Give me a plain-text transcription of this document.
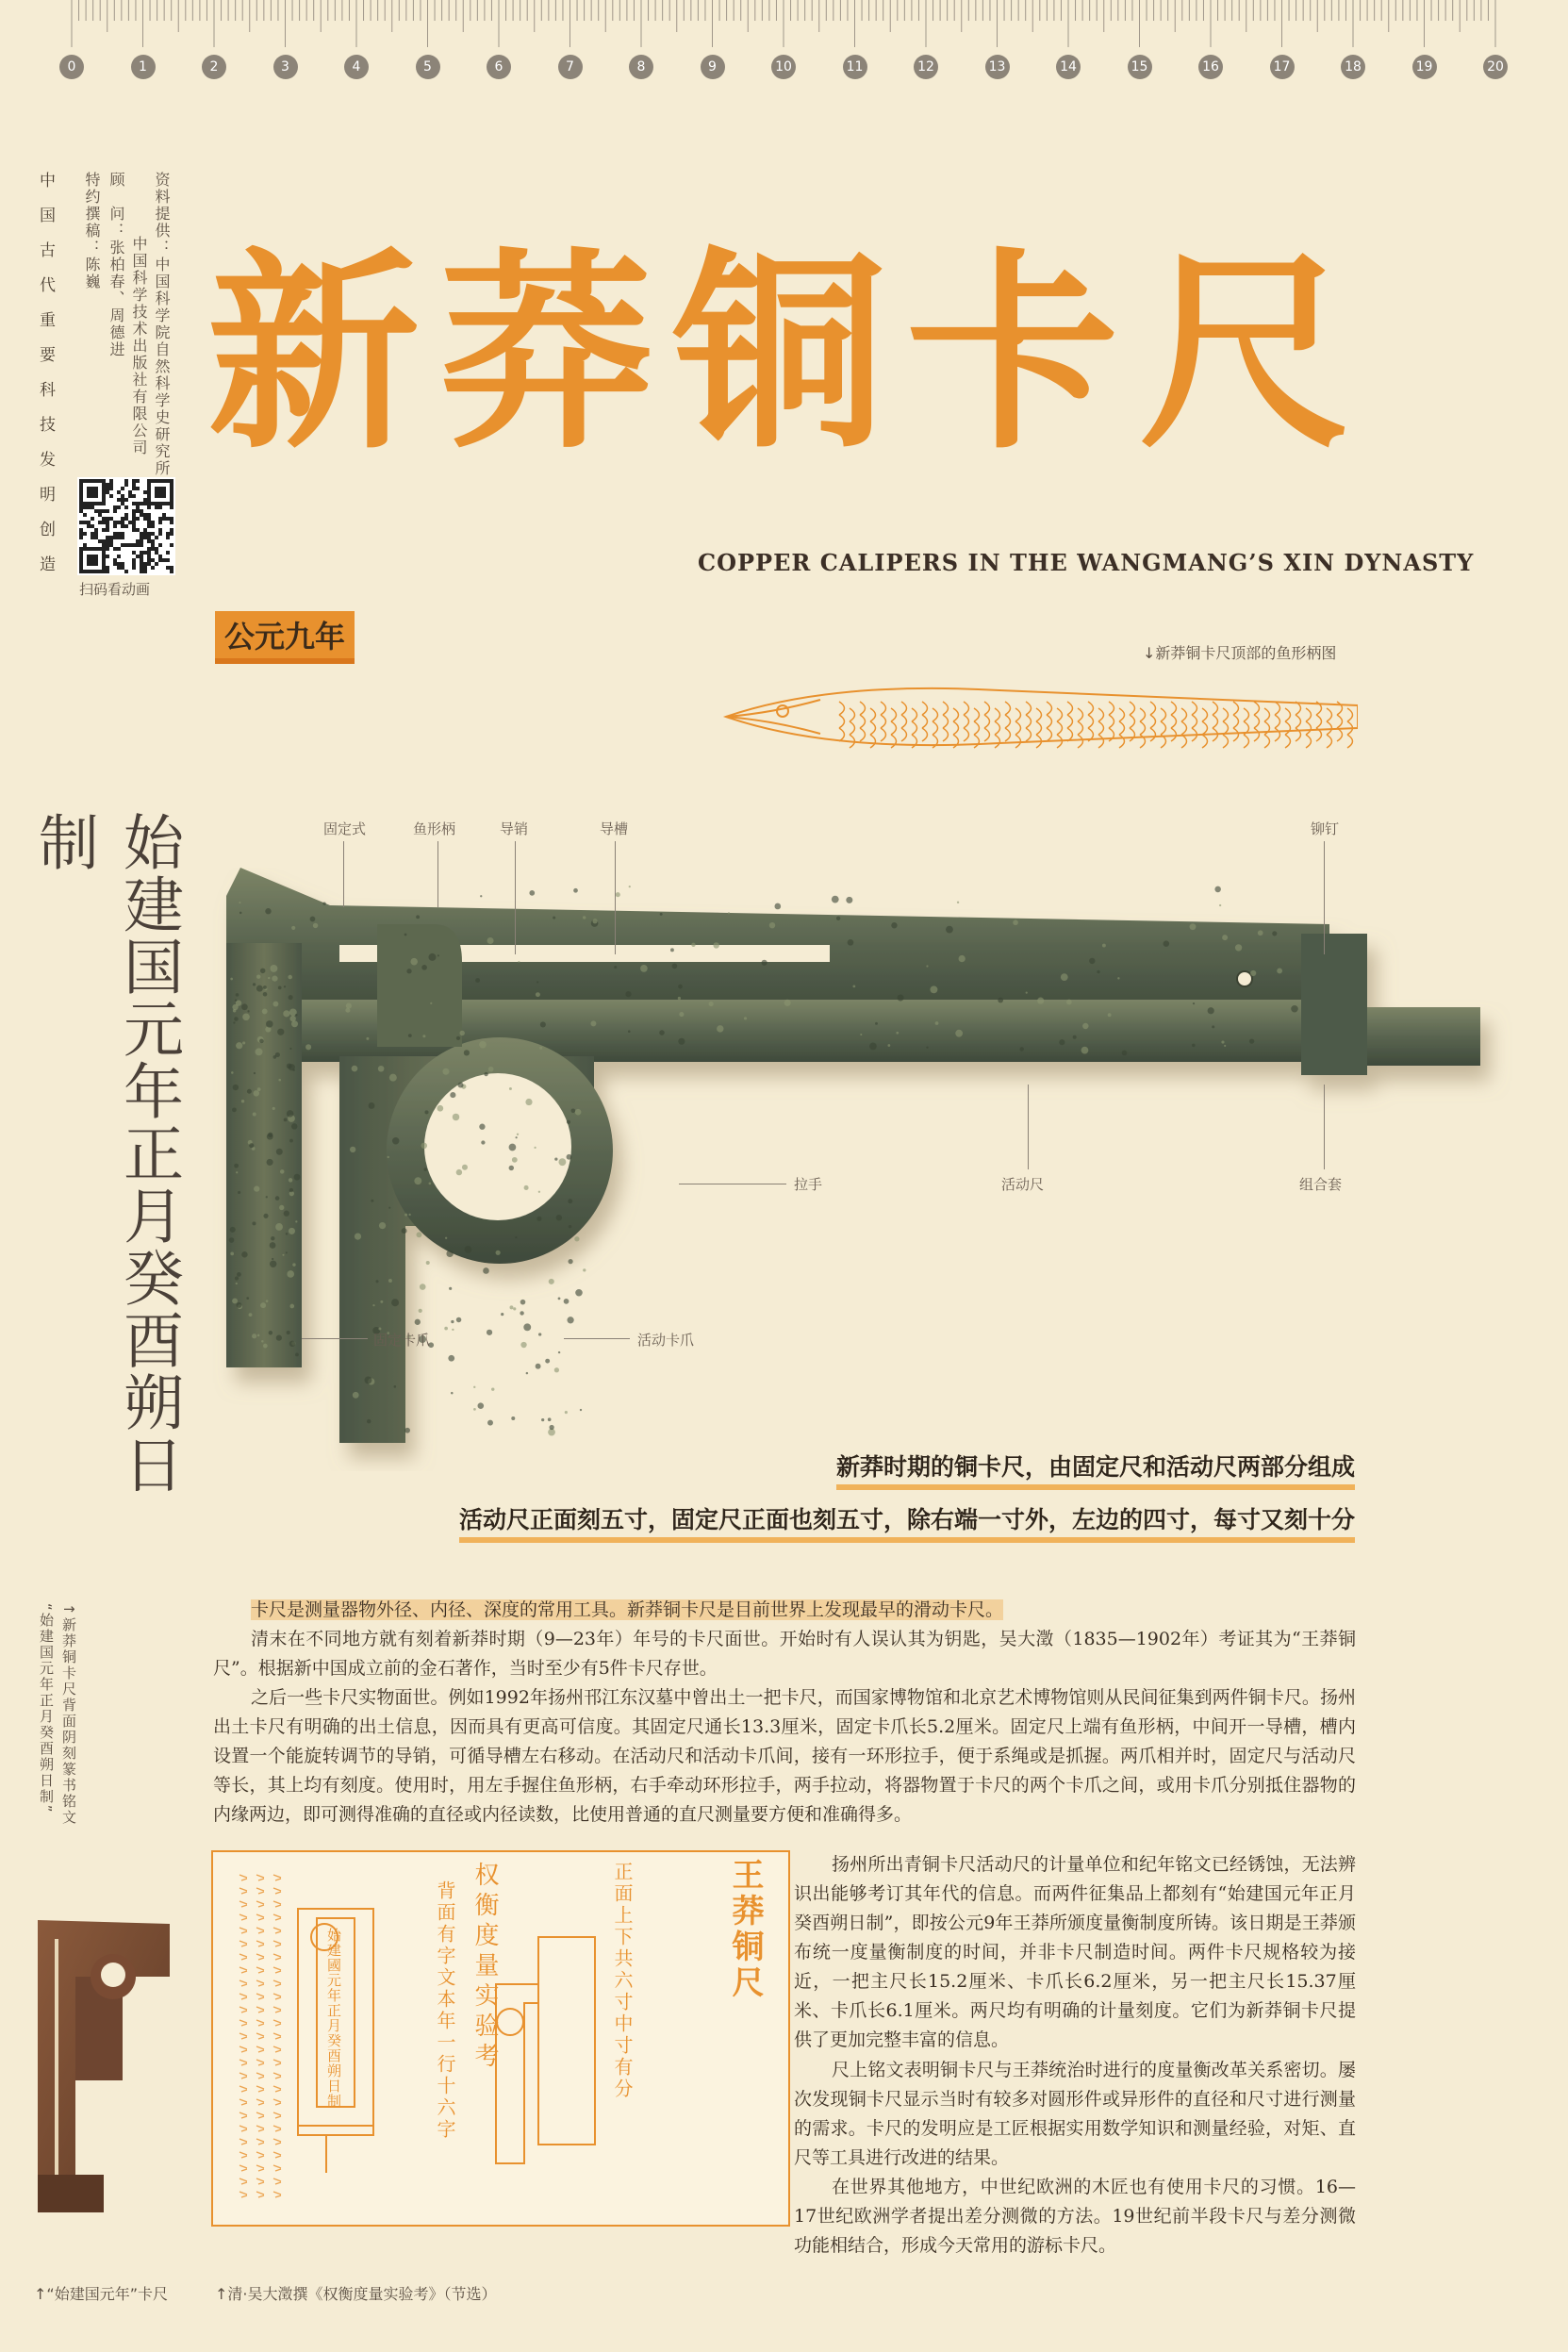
0	1	2	3	4	5	6	7	8	9	10	11	12	13	14	15	16	17	18	19	20
中国古代重要科技发明创造	资料提供：中国科学院自然科学史研究所
中国科学技术出版社有限公司
顾　问：张柏春、周德进
特约撰稿：陈巍
扫码看动画
新莽铜卡尺
COPPER CALIPERS IN THE WANGMANG’S XIN DYNASTY
公元九年	↓新莽铜卡尺顶部的鱼形柄图
始建国元年正月癸酉朔日制
↑新莽铜卡尺背面阴刻篆书铭文
“始建国元年正月癸酉朔日制”
固定式	鱼形柄	导销	导槽	铆钉
拉手	活动尺	组合套
固定卡爪	活动卡爪
新莽时期的铜卡尺，由固定尺和活动尺两部分组成
活动尺正面刻五寸，固定尺正面也刻五寸，除右端一寸外，左边的四寸，每寸又刻十分
卡尺是测量器物外径、内径、深度的常用工具。新莽铜卡尺是目前世界上发现最早的滑动卡尺。
清末在不同地方就有刻着新莽时期（9—23年）年号的卡尺面世。开始时有人误认其为钥匙，吴大澂（1835—1902年）考证其为“王莽铜尺”。根据新中国成立前的金石著作，当时至少有5件卡尺存世。
之后一些卡尺实物面世。例如1992年扬州邗江东汉墓中曾出土一把卡尺，而国家博物馆和北京艺术博物馆则从民间征集到两件铜卡尺。扬州出土卡尺有明确的出土信息，因而具有更高可信度。其固定尺通长13.3厘米，固定卡爪长5.2厘米。固定尺上端有鱼形柄，中间开一导槽，槽内设置一个能旋转调节的导销，可循导槽左右移动。在活动尺和活动卡爪间，接有一环形拉手，便于系绳或是抓握。两爪相并时，固定尺与活动尺等长，其上均有刻度。使用时，用左手握住鱼形柄，右手牵动环形拉手，两手拉动，将器物置于卡尺的两个卡爪之间，或用卡爪分别抵住器物的内缘两边，即可测得准确的直径或内径读数，比使用普通的直尺测量要方便和准确得多。
扬州所出青铜卡尺活动尺的计量单位和纪年铭文已经锈蚀，无法辨识出能够考订其年代的信息。而两件征集品上都刻有“始建国元年正月癸酉朔日制”，即按公元9年王莽所颁度量衡制度所铸。该日期是王莽颁布统一度量衡制度的时间，并非卡尺制造时间。两件卡尺规格较为接近，一把主尺长15.2厘米、卡爪长6.2厘米，另一把主尺长15.37厘米、卡爪长6.1厘米。两尺均有明确的计量刻度。它们为新莽铜卡尺提供了更加完整丰富的信息。
尺上铭文表明铜卡尺与王莽统治时进行的度量衡改革关系密切。屡次发现铜卡尺显示当时有较多对圆形件或异形件的直径和尺寸进行测量的需求。卡尺的发明应是工匠根据实用数学知识和测量经验，对矩、直尺等工具进行改进的结果。
在世界其他地方，中世纪欧洲的木匠也有使用卡尺的习惯。16—17世纪欧洲学者提出差分测微的方法。19世纪前半段卡尺与差分测微功能相结合，形成今天常用的游标卡尺。
王莽铜尺
权衡度量实验考	正面上下共六寸中寸有分
背面有字文本年一行十六字
始建國元年正月癸酉朔日制
↑“始建国元年”卡尺	↑清·吴大澂撰《权衡度量实验考》（节选）
